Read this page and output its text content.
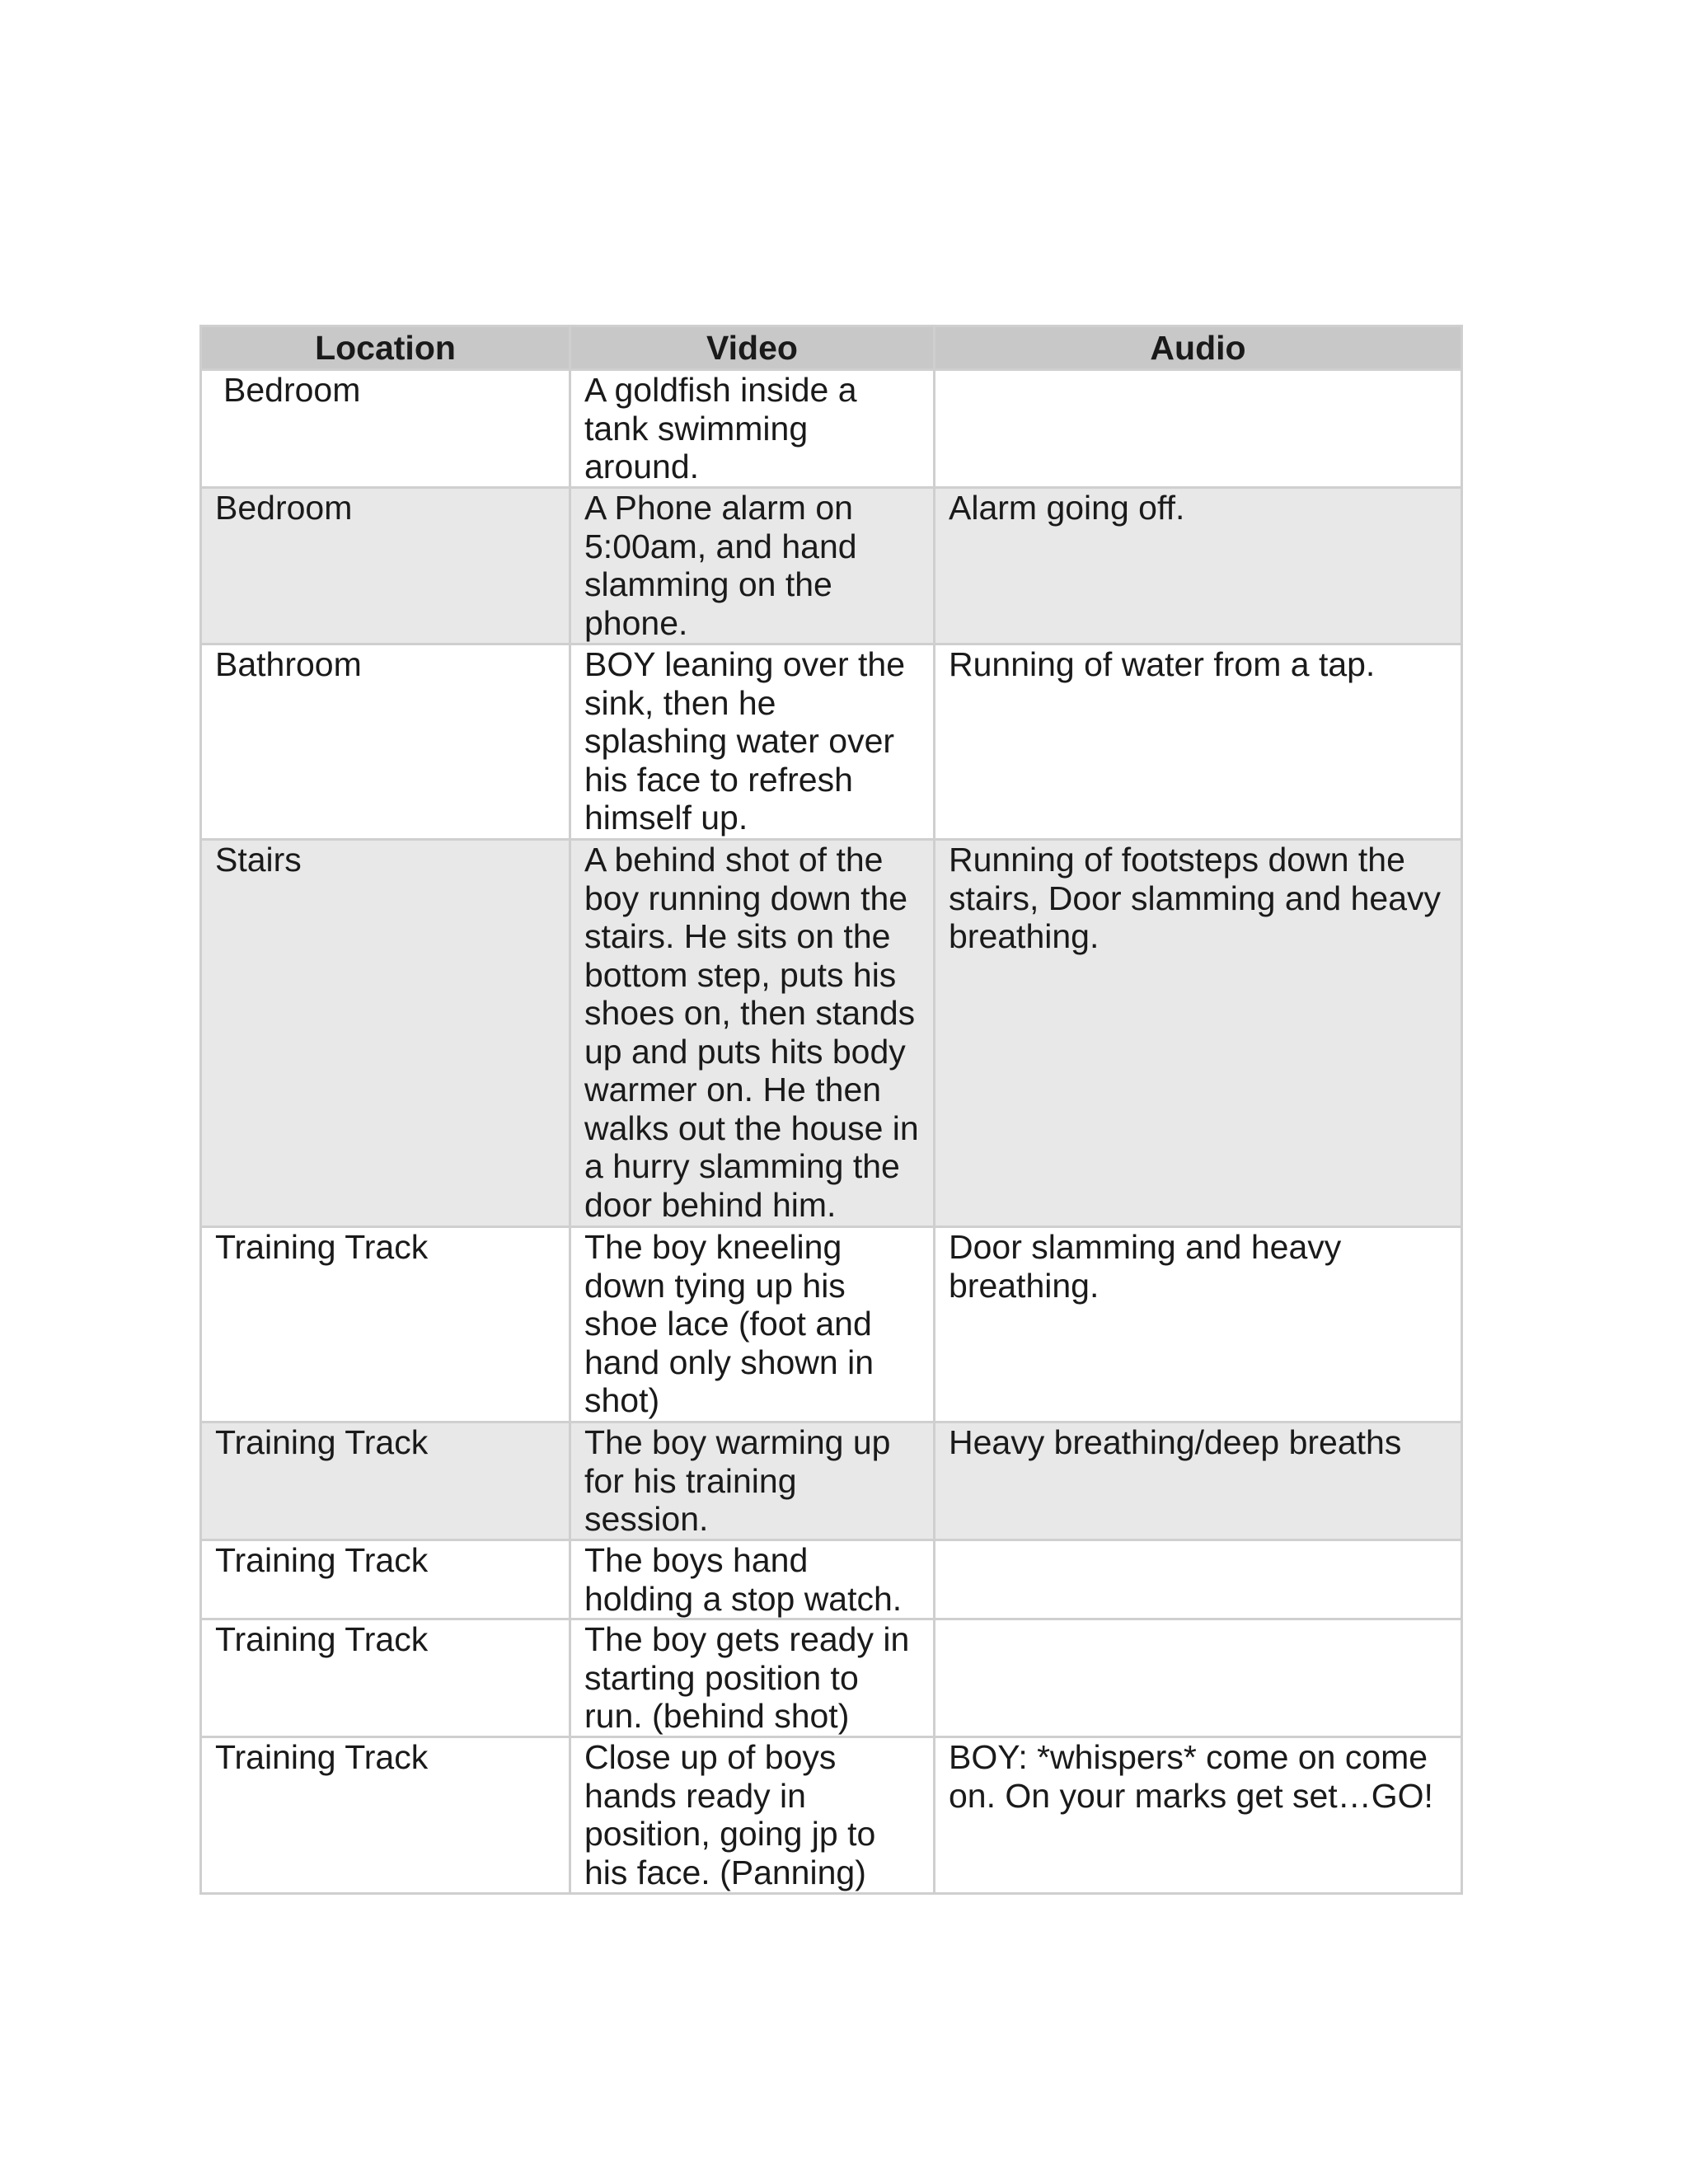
Location	Video	Audio
Bedroom	A goldfish inside a tank swimming around.	
Bedroom	A Phone alarm on 5:00am, and hand slamming on the phone.	Alarm going off.
Bathroom	BOY leaning over the sink, then he splashing water over his face to refresh himself up.	Running of water from a tap.
Stairs	A behind shot of the boy running down the stairs. He sits on the bottom step, puts his shoes on, then stands up and puts hits body warmer on. He then walks out the house in a hurry slamming the door behind him.	Running of footsteps down the stairs, Door slamming and heavy breathing.
Training Track	The boy kneeling down tying up his shoe lace (foot and hand only shown in shot)	Door slamming and heavy breathing.
Training Track	The boy warming up for his training session.	Heavy breathing/deep breaths
Training Track	The boys hand holding a stop watch.	
Training Track	The boy gets ready in starting position to run. (behind shot)	
Training Track	Close up of boys hands ready in position, going jp to his face. (Panning)	BOY: *whispers* come on come on. On your marks get set…GO!
